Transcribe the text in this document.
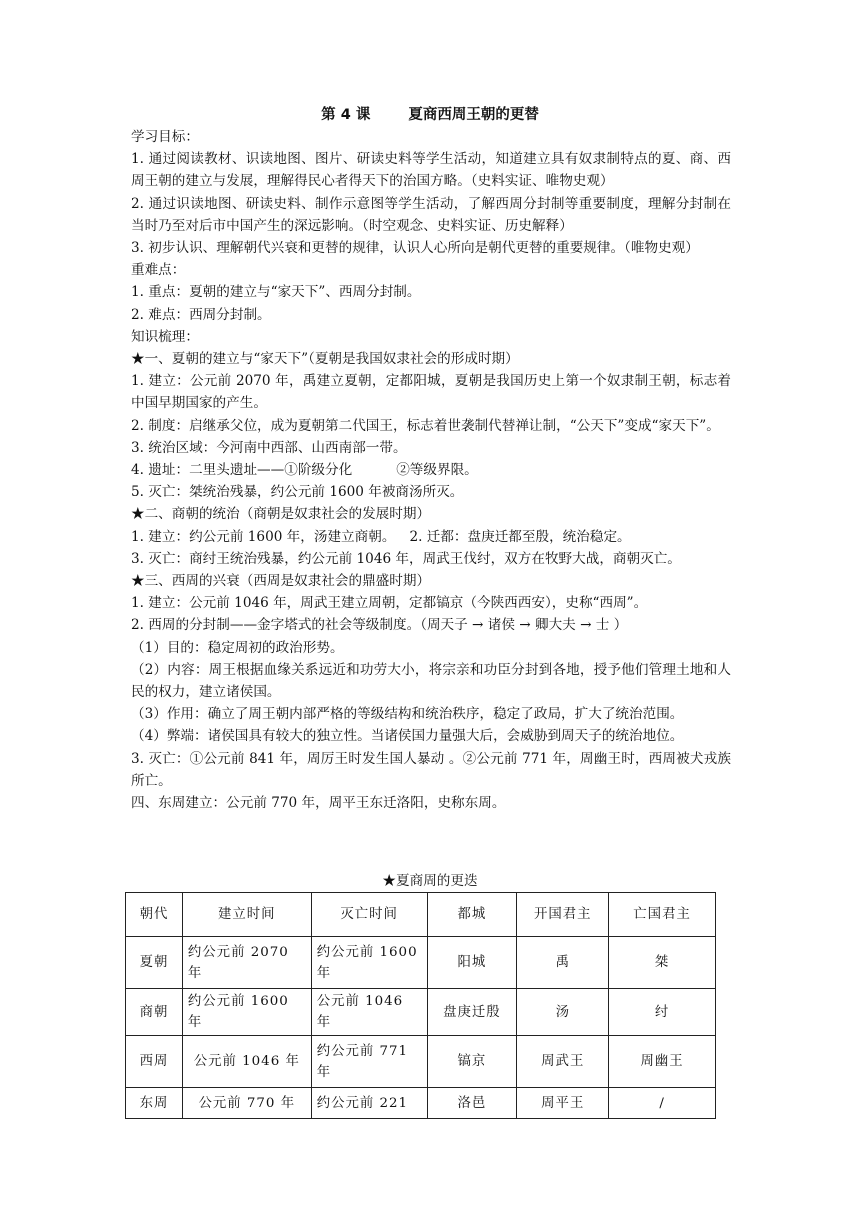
第 4 课	夏商西周王朝的更替

学习目标：

1. 通过阅读教材、识读地图、图片、研读史料等学生活动，知道建立具有奴隶制特点的夏、商、西周王朝的建立与发展，理解得民心者得天下的治国方略。（史料实证、唯物史观）

2. 通过识读地图、研读史料、制作示意图等学生活动，了解西周分封制等重要制度，理解分封制在当时乃至对后市中国产生的深远影响。（时空观念、史料实证、历史解释）

3. 初步认识、理解朝代兴衰和更替的规律，认识人心所向是朝代更替的重要规律。（唯物史观）

重难点：

1. 重点：夏朝的建立与“家天下”、西周分封制。

2. 难点：西周分封制。

知识梳理：

★一、夏朝的建立与“家天下”（夏朝是我国奴隶社会的形成时期）

1. 建立：公元前 2070 年，禹建立夏朝，定都阳城，夏朝是我国历史上第一个奴隶制王朝，标志着中国早期国家的产生。

2. 制度：启继承父位，成为夏朝第二代国王，标志着世袭制代替禅让制，“公天下”变成“家天下”。

3. 统治区域：今河南中西部、山西南部一带。

4. 遗址：二里头遗址——①阶级分化	②等级界限。

5. 灭亡：桀统治残暴，约公元前 1600 年被商汤所灭。

★二、商朝的统治（商朝是奴隶社会的发展时期）

1. 建立：约公元前 1600 年，汤建立商朝。 2. 迁都：盘庚迁都至殷，统治稳定。

3. 灭亡：商纣王统治残暴，约公元前 1046 年，周武王伐纣，双方在牧野大战，商朝灭亡。

★三、西周的兴衰（西周是奴隶社会的鼎盛时期）

1. 建立：公元前 1046 年，周武王建立周朝，定都镐京（今陕西西安），史称“西周”。

2. 西周的分封制——金字塔式的社会等级制度。（周天子 → 诸侯 → 卿大夫 → 士 ）

（1）目的：稳定周初的政治形势。

（2）内容：周王根据血缘关系远近和功劳大小，将宗亲和功臣分封到各地，授予他们管理土地和人民的权力，建立诸侯国。

（3）作用：确立了周王朝内部严格的等级结构和统治秩序，稳定了政局，扩大了统治范围。

（4）弊端：诸侯国具有较大的独立性。当诸侯国力量强大后，会威胁到周天子的统治地位。

3. 灭亡：①公元前 841 年，周厉王时发生国人暴动 。②公元前 771 年，周幽王时，西周被犬戎族所亡。

四、东周建立：公元前 770 年，周平王东迁洛阳，史称东周。

★夏商周的更迭
朝代	建立时间	灭亡时间	都城	开国君主	亡国君主
夏朝	约公元前 2070 年	约公元前 1600 年	阳城	禹	桀
商朝	约公元前 1600 年	公元前 1046 年	盘庚迁殷	汤	纣
西周	公元前 1046 年	约公元前 771 年	镐京	周武王	周幽王
东周	公元前 770 年	约公元前 221	洛邑	周平王	/
